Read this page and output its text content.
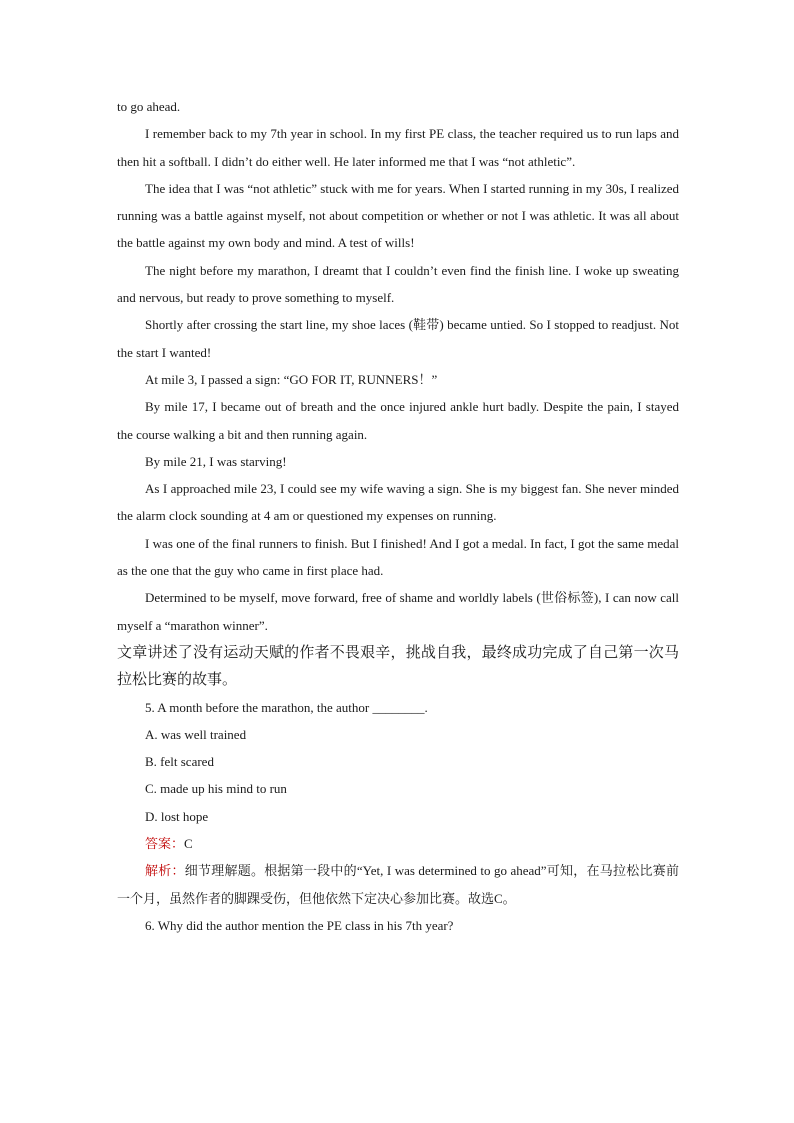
to go ahead.

I remember back to my 7th year in school. In my first PE class, the teacher required us to run laps and then hit a softball. I didn’t do either well. He later informed me that I was “not athletic”.

The idea that I was “not athletic” stuck with me for years. When I started running in my 30s, I realized running was a battle against myself, not about competition or whether or not I was athletic. It was all about the battle against my own body and mind. A test of wills!

The night before my marathon, I dreamt that I couldn’t even find the finish line. I woke up sweating and nervous, but ready to prove something to myself.

Shortly after crossing the start line, my shoe laces (鞋带) became untied. So I stopped to readjust. Not the start I wanted!

At mile 3, I passed a sign: “GO FOR IT, RUNNERS！”

By mile 17, I became out of breath and the once injured ankle hurt badly. Despite the pain, I stayed the course walking a bit and then running again.

By mile 21, I was starving!

As I approached mile 23, I could see my wife waving a sign. She is my biggest fan. She never minded the alarm clock sounding at 4 am or questioned my expenses on running.

I was one of the final runners to finish. But I finished! And I got a medal. In fact, I got the same medal as the one that the guy who came in first place had.

Determined to be myself, move forward, free of shame and worldly labels (世俗标签), I can now call myself a “marathon winner”.

文章讲述了没有运动天赋的作者不畏艰辛，挑战自我，最终成功完成了自己第一次马拉松比赛的故事。

5. A month before the marathon, the author ________.

A. was well trained

B. felt scared

C. made up his mind to run

D. lost hope

答案：C

解析：细节理解题。根据第一段中的“Yet, I was determined to go ahead”可知，在马拉松比赛前一个月，虽然作者的脚踝受伤，但他依然下定决心参加比赛。故选C。

6. Why did the author mention the PE class in his 7th year?
